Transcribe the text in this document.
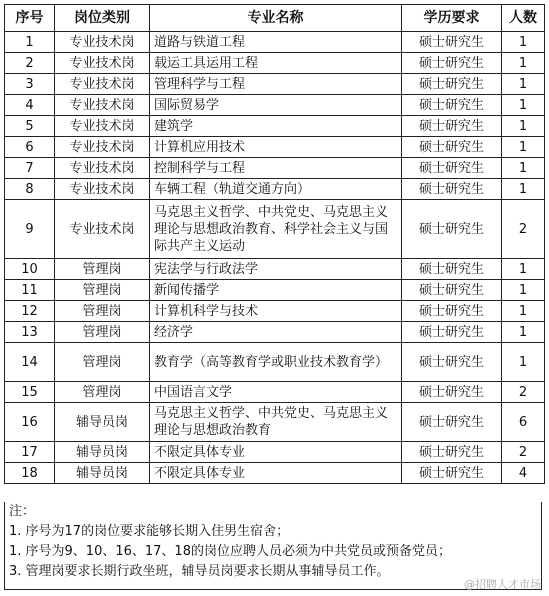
序号	岗位类别	专业名称	学历要求	人数
1	专业技术岗	道路与铁道工程	硕士研究生	1
2	专业技术岗	载运工具运用工程	硕士研究生	1
3	专业技术岗	管理科学与工程	硕士研究生	1
4	专业技术岗	国际贸易学	硕士研究生	1
5	专业技术岗	建筑学	硕士研究生	1
6	专业技术岗	计算机应用技术	硕士研究生	1
7	专业技术岗	控制科学与工程	硕士研究生	1
8	专业技术岗	车辆工程（轨道交通方向）	硕士研究生	1
9	专业技术岗	马克思主义哲学、中共党史、马克思主义理论与思想政治教育、科学社会主义与国际共产主义运动	硕士研究生	2
10	管理岗	宪法学与行政法学	硕士研究生	1
11	管理岗	新闻传播学	硕士研究生	1
12	管理岗	计算机科学与技术	硕士研究生	1
13	管理岗	经济学	硕士研究生	1
14	管理岗	教育学（高等教育学或职业技术教育学）	硕士研究生	1
15	管理岗	中国语言文学	硕士研究生	2
16	辅导员岗	马克思主义哲学、中共党史、马克思主义理论与思想政治教育	硕士研究生	6
17	辅导员岗	不限定具体专业	硕士研究生	2
18	辅导员岗	不限定具体专业	硕士研究生	4
注：
1. 序号为17的岗位要求能够长期入住男生宿舍；
1. 序号为9、10、16、17、18的岗位应聘人员必须为中共党员或预备党员；
3. 管理岗要求长期行政坐班，辅导员岗要求长期从事辅导员工作。
@招聘人才市场
